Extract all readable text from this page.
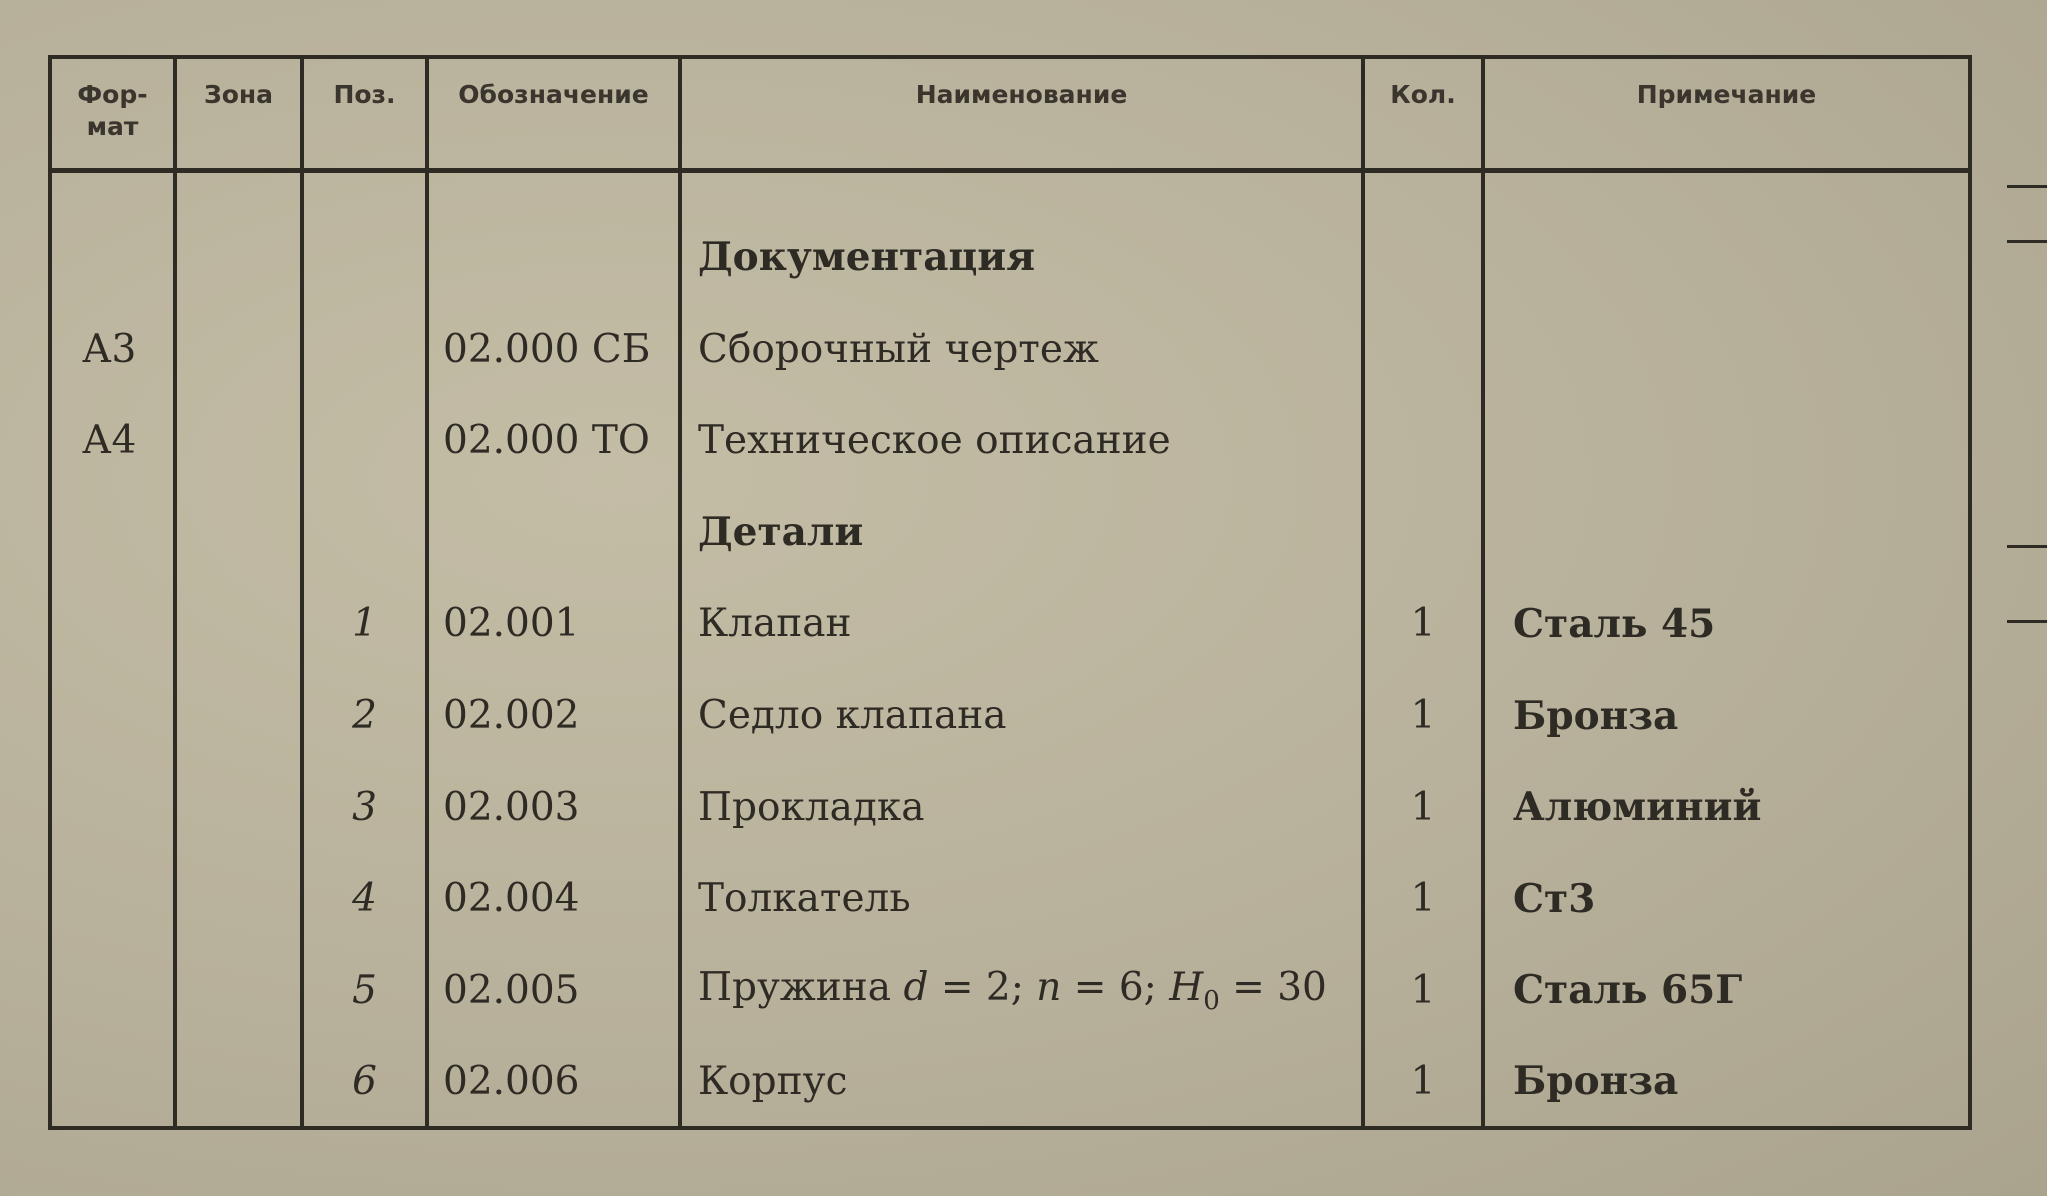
Фор- мат	Зона	Поз.	Обозначение	Наименование	Кол.	Примечание

				Документация		
А3			02.000 СБ	Сборочный чертеж		
А4			02.000 ТО	Техническое описание		
				Детали		
		1	02.001	Клапан	1	Сталь 45
		2	02.002	Седло клапана	1	Бронза
		3	02.003	Прокладка	1	Алюминий
		4	02.004	Толкатель	1	Ст3
		5	02.005	Пружина d = 2; n = 6; $H_0 = 30$	1	Сталь 65Г
		6	02.006	Корпус	1	Бронза
